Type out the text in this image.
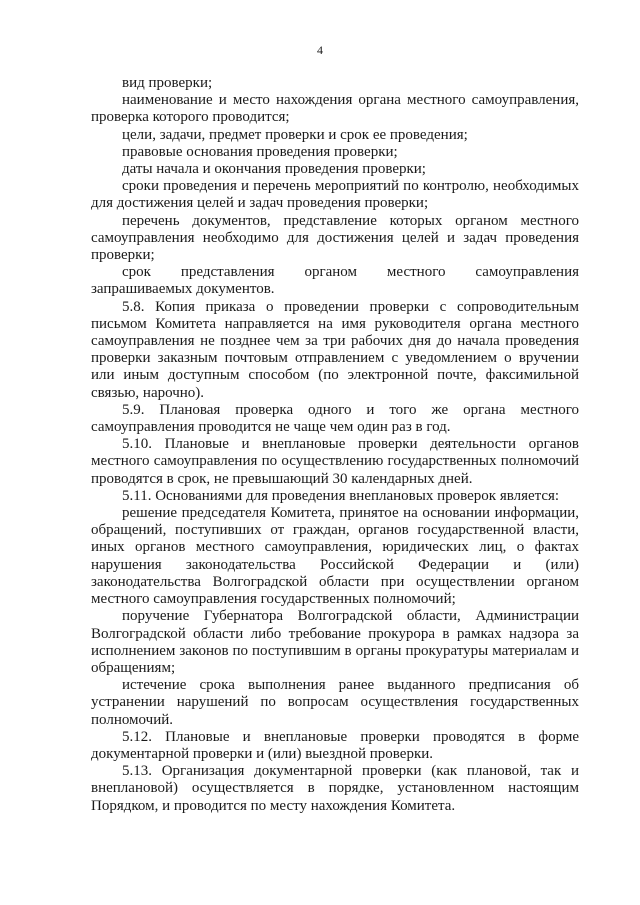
4

вид проверки;

наименование и место нахождения органа местного самоуправления, проверка которого проводится;

цели, задачи, предмет проверки и срок ее проведения;

правовые основания проведения проверки;

даты начала и окончания проведения проверки;

сроки проведения и перечень мероприятий по контролю, необходимых для достижения целей и задач проведения проверки;

перечень документов, представление которых органом местного самоуправления необходимо для достижения целей и задач проведения проверки;

срок представления органом местного самоуправления запрашиваемых документов.

5.8. Копия приказа о проведении проверки с сопроводительным письмом Комитета направляется на имя руководителя органа местного самоуправления не позднее чем за три рабочих дня до начала проведения проверки заказным почтовым отправлением с уведомлением о вручении или иным доступным способом (по электронной почте, факсимильной связью, нарочно).

5.9. Плановая проверка одного и того же органа местного самоуправления проводится не чаще чем один раз в год.

5.10. Плановые и внеплановые проверки деятельности органов местного самоуправления по осуществлению государственных полномочий проводятся в срок, не превышающий 30 календарных дней.

5.11. Основаниями для проведения внеплановых проверок является:

решение председателя Комитета, принятое на основании информации, обращений, поступивших от граждан, органов государственной власти, иных органов местного самоуправления, юридических лиц, о фактах нарушения законодательства Российской Федерации и (или) законодательства Волгоградской области при осуществлении органом местного самоуправления государственных полномочий;

поручение Губернатора Волгоградской области, Администрации Волгоградской области либо требование прокурора в рамках надзора за исполнением законов по поступившим в органы прокуратуры материалам и обращениям;

истечение срока выполнения ранее выданного предписания об устранении нарушений по вопросам осуществления государственных полномочий.

5.12. Плановые и внеплановые проверки проводятся в форме документарной проверки и (или) выездной проверки.

5.13. Организация документарной проверки (как плановой, так и внеплановой) осуществляется в порядке, установленном настоящим Порядком, и проводится по месту нахождения Комитета.
